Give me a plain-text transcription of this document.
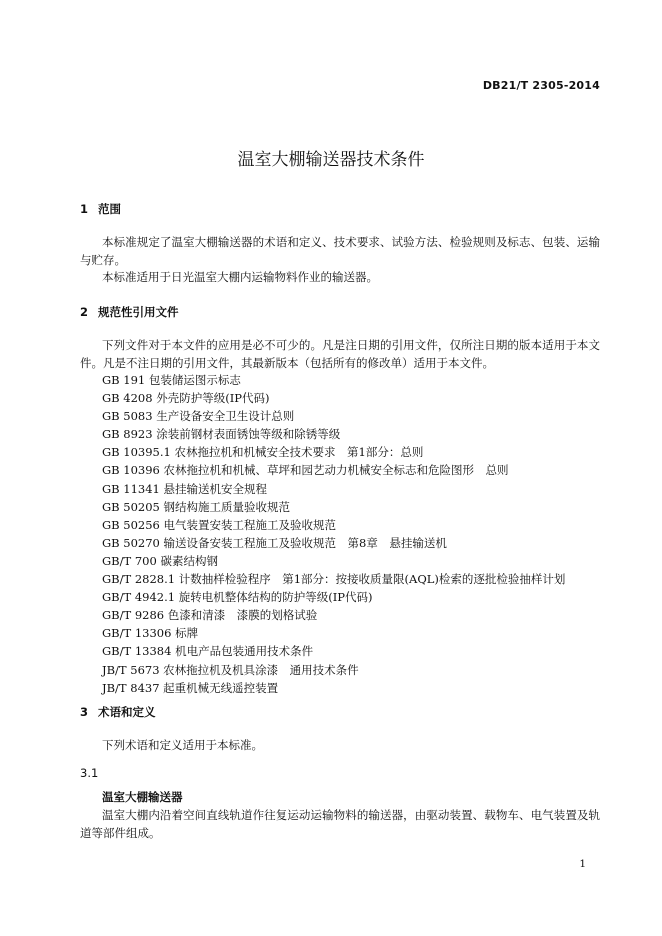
DB21/T 2305-2014
温室大棚输送器技术条件
1 范围
本标准规定了温室大棚输送器的术语和定义、技术要求、试验方法、检验规则及标志、包装、运输与贮存。
本标准适用于日光温室大棚内运输物料作业的输送器。
2 规范性引用文件
下列文件对于本文件的应用是必不可少的。凡是注日期的引用文件，仅所注日期的版本适用于本文件。凡是不注日期的引用文件，其最新版本（包括所有的修改单）适用于本文件。
GB 191 包装储运图示标志
GB 4208 外壳防护等级(IP代码)
GB 5083 生产设备安全卫生设计总则
GB 8923 涂装前钢材表面锈蚀等级和除锈等级
GB 10395.1 农林拖拉机和机械安全技术要求　第1部分：总则
GB 10396 农林拖拉机和机械、草坪和园艺动力机械安全标志和危险图形　总则
GB 11341 悬挂输送机安全规程
GB 50205 钢结构施工质量验收规范
GB 50256 电气装置安装工程施工及验收规范
GB 50270 输送设备安装工程施工及验收规范　第8章　悬挂输送机
GB/T 700 碳素结构钢
GB/T 2828.1 计数抽样检验程序　第1部分：按接收质量限(AQL)检索的逐批检验抽样计划
GB/T 4942.1 旋转电机整体结构的防护等级(IP代码)
GB/T 9286 色漆和清漆　漆膜的划格试验
GB/T 13306 标牌
GB/T 13384 机电产品包装通用技术条件
JB/T 5673 农林拖拉机及机具涂漆　通用技术条件
JB/T 8437 起重机械无线遥控装置
3 术语和定义
下列术语和定义适用于本标准。
3.1
温室大棚输送器
温室大棚内沿着空间直线轨道作往复运动运输物料的输送器，由驱动装置、载物车、电气装置及轨道等部件组成。
1
